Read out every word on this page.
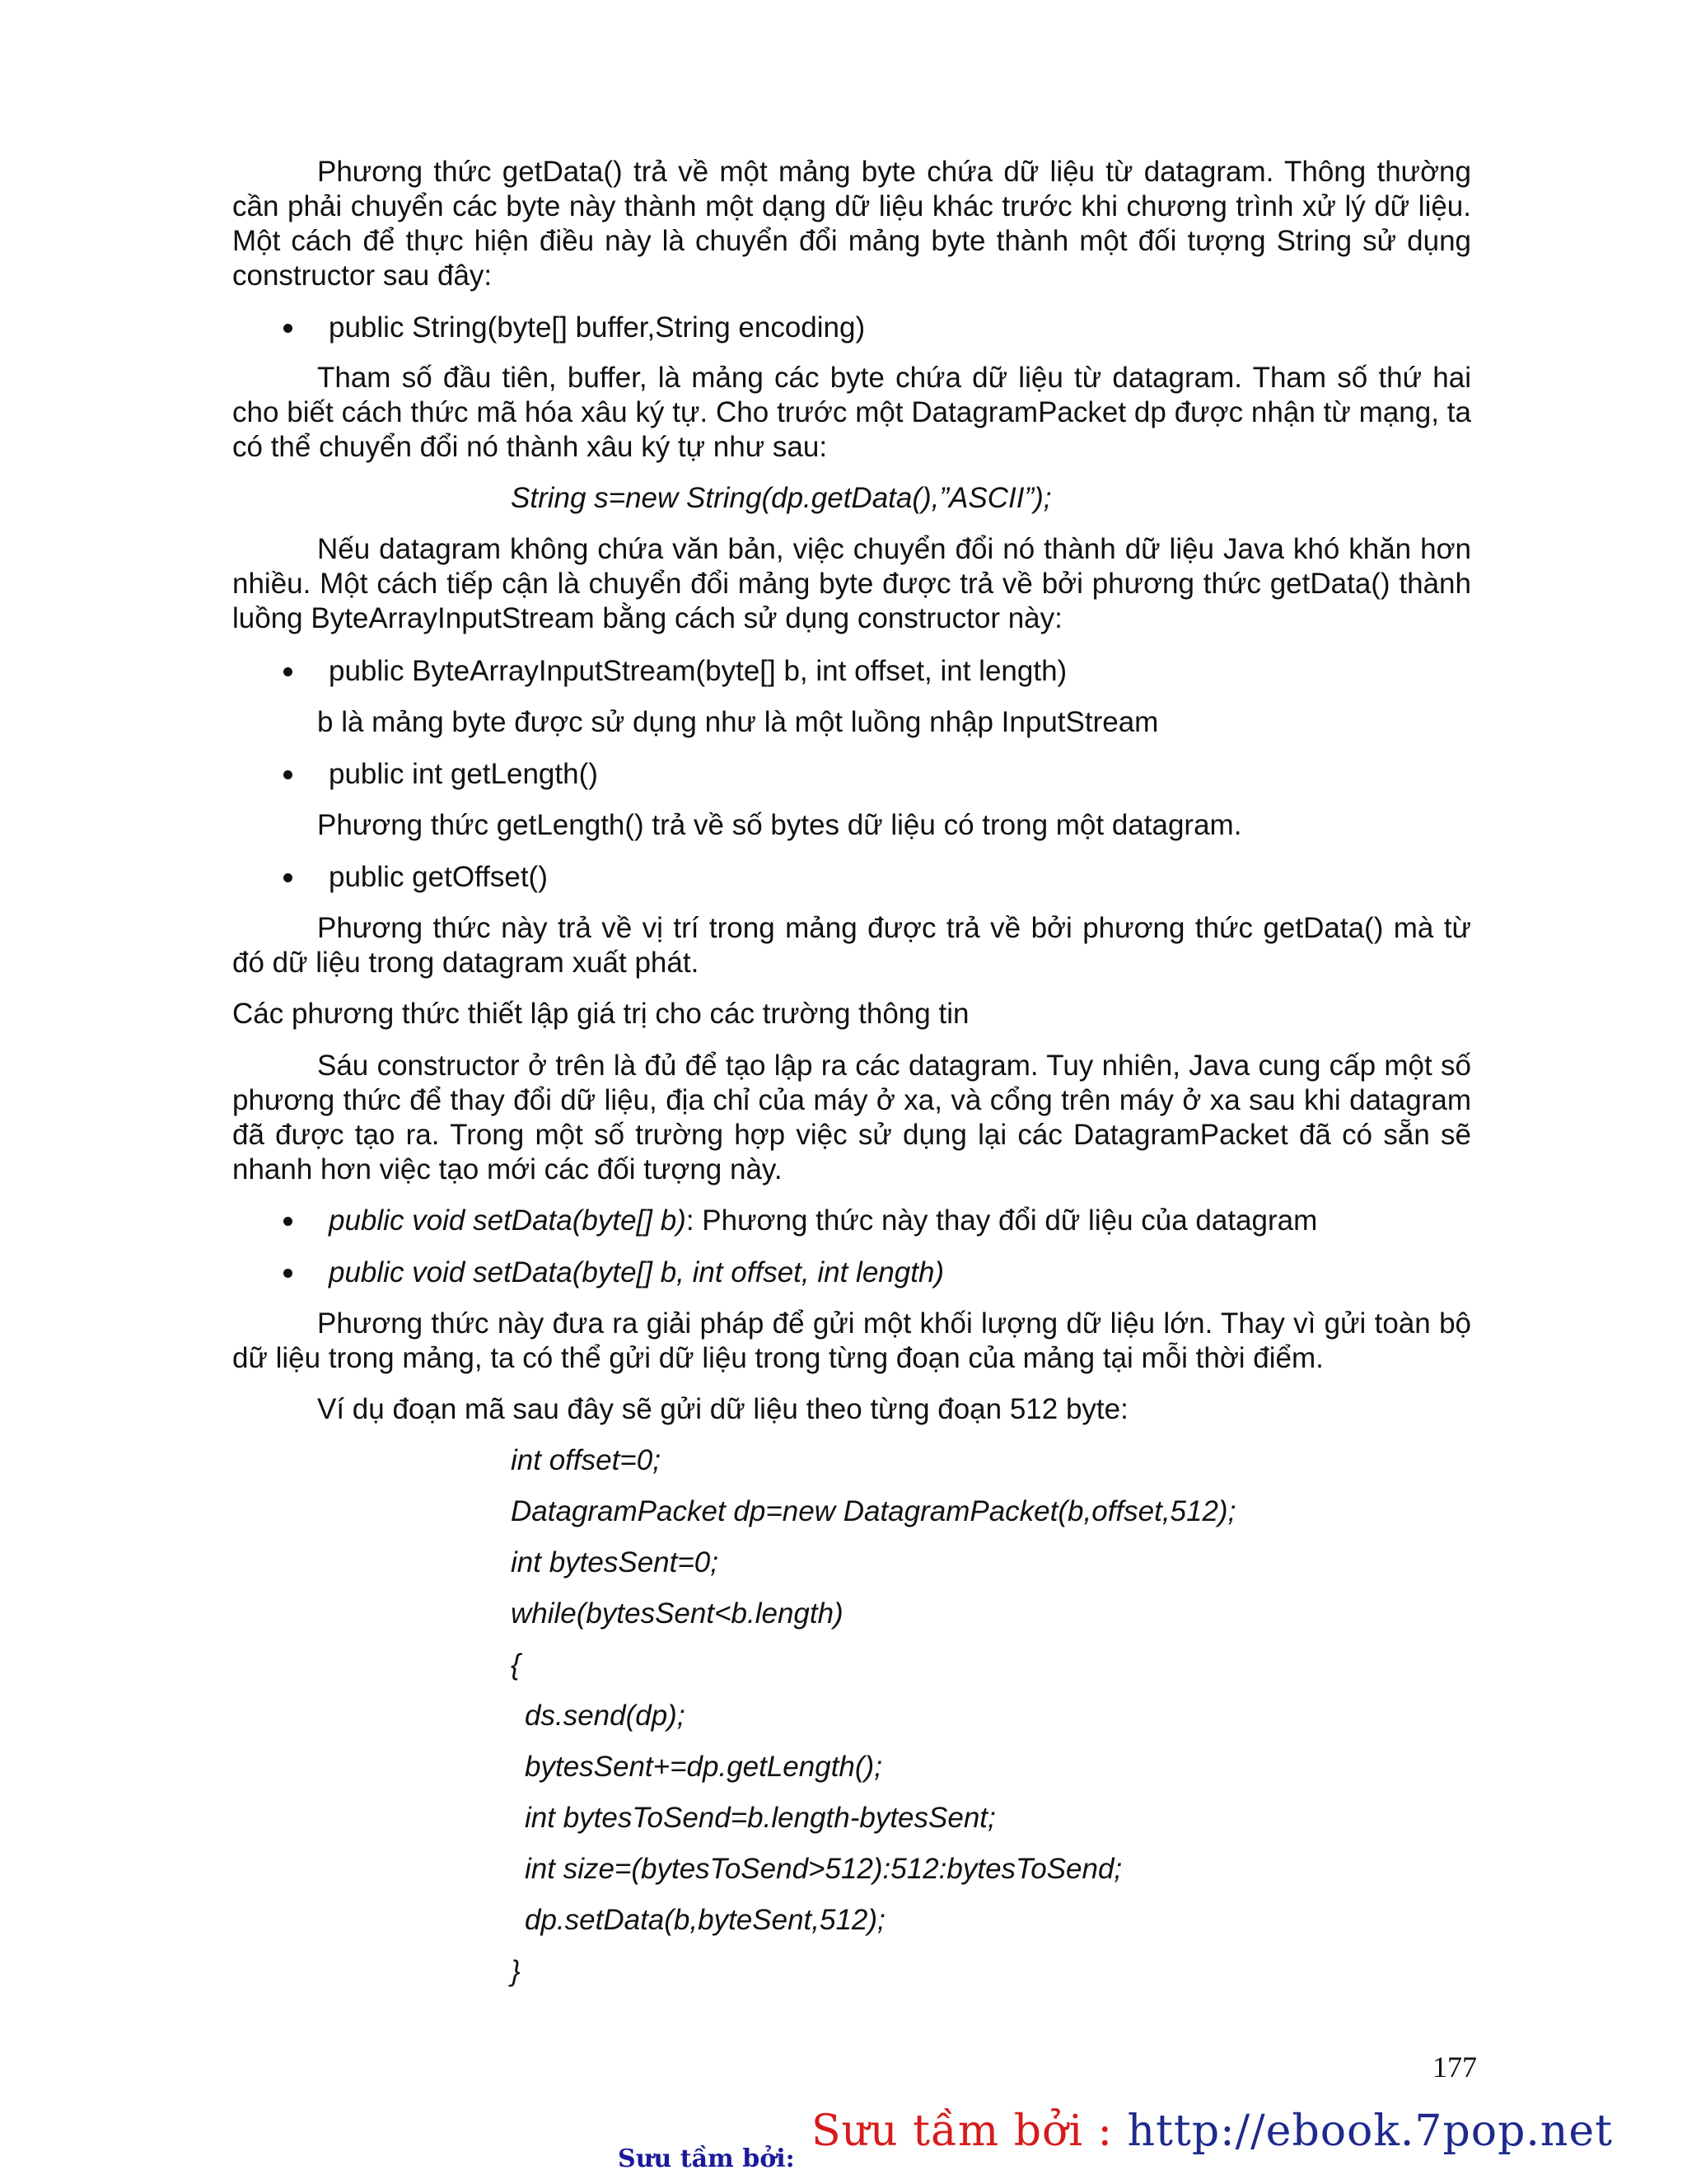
Phương thức getData() trả về một mảng byte chứa dữ liệu từ datagram. Thông thường cần phải chuyển các byte này thành một dạng dữ liệu khác trước khi chương trình xử lý dữ liệu. Một cách để thực hiện điều này là chuyển đổi mảng byte thành một đối tượng String sử dụng constructor sau đây:
public String(byte[] buffer,String encoding)
Tham số đầu tiên, buffer, là mảng các byte chứa dữ liệu từ datagram. Tham số thứ hai cho biết cách thức mã hóa xâu ký tự. Cho trước một DatagramPacket dp được nhận từ mạng, ta có thể chuyển đổi nó thành xâu ký tự như sau:
String s=new String(dp.getData(),”ASCII”);
Nếu datagram không chứa văn bản, việc chuyển đổi nó thành dữ liệu Java khó khăn hơn nhiều. Một cách tiếp cận là chuyển đổi mảng byte được trả về bởi phương thức getData() thành luồng ByteArrayInputStream bằng cách sử dụng constructor này:
public ByteArrayInputStream(byte[] b, int offset, int length)
b là mảng byte được sử dụng như là một luồng nhập InputStream
public int getLength()
Phương thức getLength() trả về số bytes dữ liệu có trong một datagram.
public getOffset()
Phương thức này trả về vị trí trong mảng được trả về bởi phương thức getData() mà từ đó dữ liệu trong datagram xuất phát.
Các phương thức thiết lập giá trị cho các trường thông tin
Sáu constructor ở trên là đủ để tạo lập ra các datagram. Tuy nhiên, Java cung cấp một số phương thức để thay đổi dữ liệu, địa chỉ của máy ở xa, và cổng trên máy ở xa sau khi datagram đã được tạo ra. Trong một số trường hợp việc sử dụng lại các DatagramPacket đã có sẵn sẽ nhanh hơn việc tạo mới các đối tượng này.
public void setData(byte[] b): Phương thức này thay đổi dữ liệu của datagram
public void setData(byte[] b, int offset, int length)
Phương thức này đưa ra giải pháp để gửi một khối lượng dữ liệu lớn. Thay vì gửi toàn bộ dữ liệu trong mảng, ta có thể gửi dữ liệu trong từng đoạn của mảng tại mỗi thời điểm.
Ví dụ đoạn mã sau đây sẽ gửi dữ liệu theo từng đoạn 512 byte:
int offset=0;
DatagramPacket dp=new DatagramPacket(b,offset,512);
int bytesSent=0;
while(bytesSent<b.length)
{
ds.send(dp);
bytesSent+=dp.getLength();
int bytesToSend=b.length-bytesSent;
int size=(bytesToSend>512):512:bytesToSend;
dp.setData(b,byteSent,512);
}
177
Sưu tầm bởi:
Sưu tầm bởi : http://ebook.7pop.net
